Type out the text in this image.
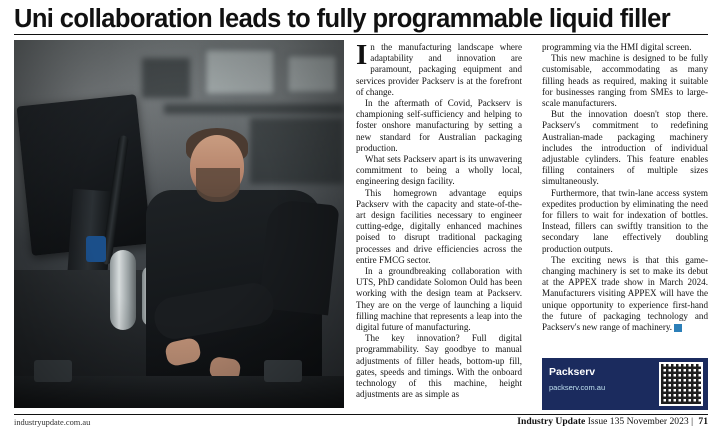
Uni collaboration leads to fully programmable liquid filler

In the manufacturing landscape where adaptability and innovation are paramount, packaging equipment and services provider Packserv is at the forefront of change.

In the aftermath of Covid, Packserv is championing self-sufficiency and helping to foster onshore manufacturing by setting a new standard for Australian packaging production.

What sets Packserv apart is its unwavering commitment to being a wholly local, engineering design facility.

This homegrown advantage equips Packserv with the capacity and state-of-the-art design facilities necessary to engineer cutting-edge, digitally enhanced machines poised to disrupt traditional packaging processes and drive efficiencies across the entire FMCG sector.

In a groundbreaking collaboration with UTS, PhD candidate Solomon Ould has been working with the design team at Packserv. They are on the verge of launching a liquid filling machine that represents a leap into the digital future of manufacturing.

The key innovation? Full digital programmability. Say goodbye to manual adjustments of filler heads, bottom-up fill, gates, speeds and timings. With the onboard technology of this machine, height adjustments are as simple as

programming via the HMI digital screen.

This new machine is designed to be fully customisable, accommodating as many filling heads as required, making it suitable for businesses ranging from SMEs to large-scale manufacturers.

But the innovation doesn't stop there. Packserv's commitment to redefining Australian-made packaging machinery includes the introduction of individual adjustable cylinders. This feature enables filling containers of multiple sizes simultaneously.

Furthermore, that twin-lane access system expedites production by eliminating the need for fillers to wait for indexation of bottles. Instead, fillers can swiftly transition to the secondary lane effectively doubling production outputs.

The exciting news is that this game-changing machinery is set to make its debut at the APPEX trade show in March 2024. Manufacturers visiting APPEX will have the unique opportunity to experience first-hand the future of packaging technology and Packserv's new range of machinery. IU

Packserv
packserv.com.au
industryupdate.com.au	Industry Update Issue 135 November 2023 | 71
